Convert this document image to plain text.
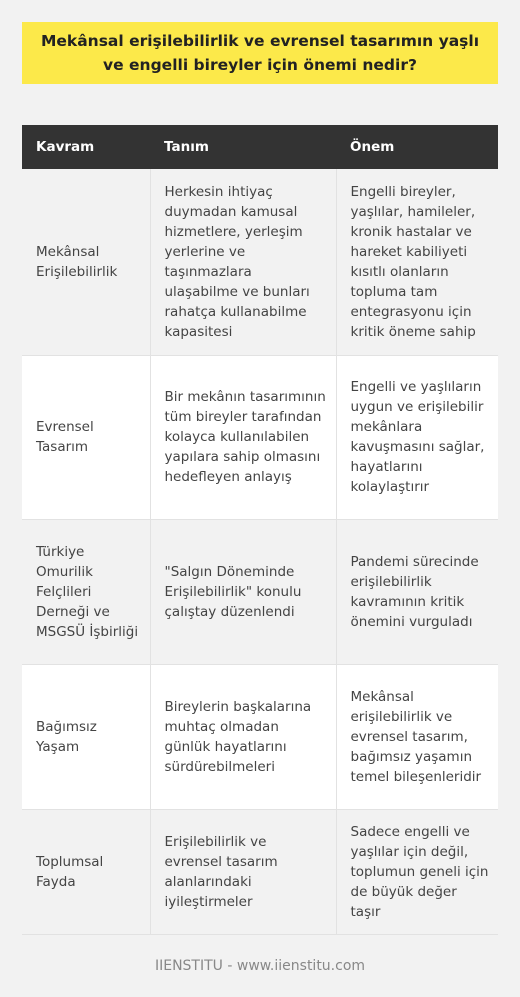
Mekânsal erişilebilirlik ve evrensel tasarımın yaşlı ve engelli bireyler için önemi nedir?
Kavram	Tanım	Önem
Mekânsal Erişilebilirlik	Herkesin ihtiyaç duymadan kamusal hizmetlere, yerleşim yerlerine ve taşınmazlara ulaşabilme ve bunları rahatça kullanabilme kapasitesi	Engelli bireyler, yaşlılar, hamileler, kronik hastalar ve hareket kabiliyeti kısıtlı olanların topluma tam entegrasyonu için kritik öneme sahip
Evrensel Tasarım	Bir mekânın tasarımının tüm bireyler tarafından kolayca kullanılabilen yapılara sahip olmasını hedefleyen anlayış	Engelli ve yaşlıların uygun ve erişilebilir mekânlara kavuşmasını sağlar, hayatlarını kolaylaştırır
Türkiye Omurilik Felçlileri Derneği ve MSGSÜ İşbirliği	"Salgın Döneminde Erişilebilirlik" konulu çalıştay düzenlendi	Pandemi sürecinde erişilebilirlik kavramının kritik önemini vurguladı
Bağımsız Yaşam	Bireylerin başkalarına muhtaç olmadan günlük hayatlarını sürdürebilmeleri	Mekânsal erişilebilirlik ve evrensel tasarım, bağımsız yaşamın temel bileşenleridir
Toplumsal Fayda	Erişilebilirlik ve evrensel tasarım alanlarındaki iyileştirmeler	Sadece engelli ve yaşlılar için değil, toplumun geneli için de büyük değer taşır
IIENSTITU - www.iienstitu.com
